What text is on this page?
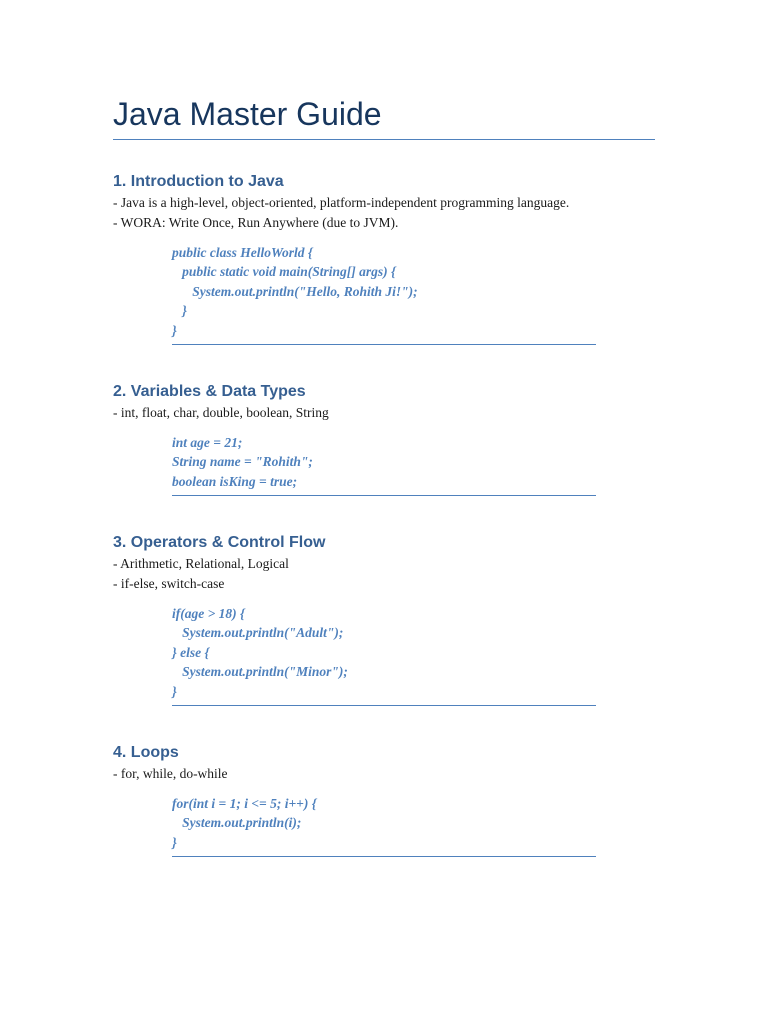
Java Master Guide
1. Introduction to Java
- Java is a high-level, object-oriented, platform-independent programming language.
- WORA: Write Once, Run Anywhere (due to JVM).
public class HelloWorld {
public static void main(String[] args) {
System.out.println("Hello, Rohith Ji!");
}
}
2. Variables & Data Types
- int, float, char, double, boolean, String
int age = 21;
String name = "Rohith";
boolean isKing = true;
3. Operators & Control Flow
- Arithmetic, Relational, Logical
- if-else, switch-case
if(age > 18) {
System.out.println("Adult");
} else {
System.out.println("Minor");
}
4. Loops
- for, while, do-while
for(int i = 1; i <= 5; i++) {
System.out.println(i);
}
